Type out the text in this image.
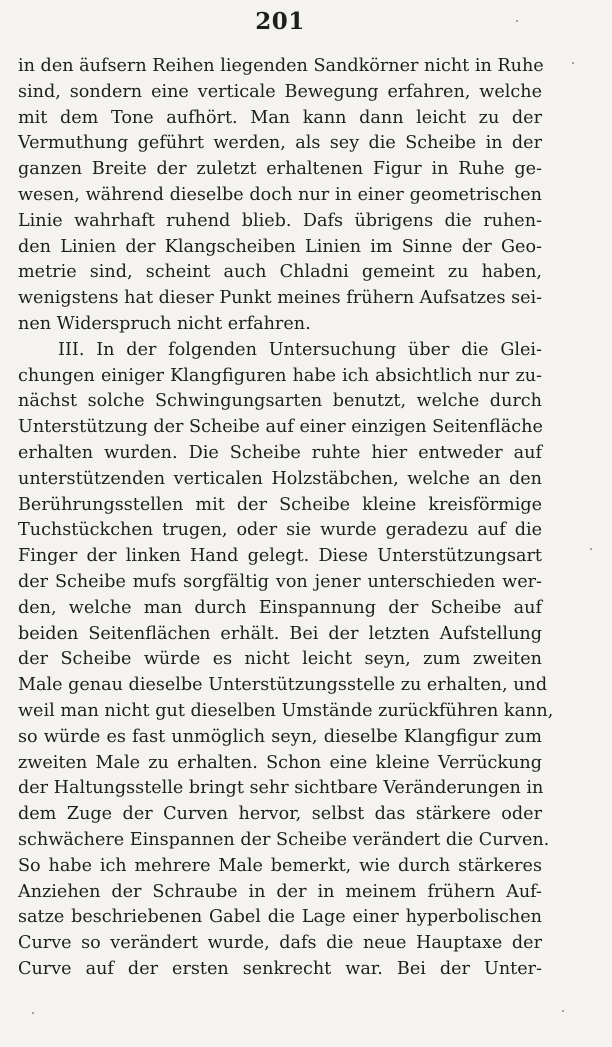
201
in den äufsern Reihen liegenden Sandkörner nicht in Ruhe
sind, sondern eine verticale Bewegung erfahren, welche
mit dem Tone aufhört. Man kann dann leicht zu der
Vermuthung geführt werden, als sey die Scheibe in der
ganzen Breite der zuletzt erhaltenen Figur in Ruhe ge-
wesen, während dieselbe doch nur in einer geometrischen
Linie wahrhaft ruhend blieb. Dafs übrigens die ruhen-
den Linien der Klangscheiben Linien im Sinne der Geo-
metrie sind, scheint auch Chladni gemeint zu haben,
wenigstens hat dieser Punkt meines frühern Aufsatzes sei-
nen Widerspruch nicht erfahren.
III. In der folgenden Untersuchung über die Glei-
chungen einiger Klangfiguren habe ich absichtlich nur zu-
nächst solche Schwingungsarten benutzt, welche durch
Unterstützung der Scheibe auf einer einzigen Seitenfläche
erhalten wurden. Die Scheibe ruhte hier entweder auf
unterstützenden verticalen Holzstäbchen, welche an den
Berührungsstellen mit der Scheibe kleine kreisförmige
Tuchstückchen trugen, oder sie wurde geradezu auf die
Finger der linken Hand gelegt. Diese Unterstützungsart
der Scheibe mufs sorgfältig von jener unterschieden wer-
den, welche man durch Einspannung der Scheibe auf
beiden Seitenflächen erhält. Bei der letzten Aufstellung
der Scheibe würde es nicht leicht seyn, zum zweiten
Male genau dieselbe Unterstützungsstelle zu erhalten, und
weil man nicht gut dieselben Umstände zurückführen kann,
so würde es fast unmöglich seyn, dieselbe Klangfigur zum
zweiten Male zu erhalten. Schon eine kleine Verrückung
der Haltungsstelle bringt sehr sichtbare Veränderungen in
dem Zuge der Curven hervor, selbst das stärkere oder
schwächere Einspannen der Scheibe verändert die Curven.
So habe ich mehrere Male bemerkt, wie durch stärkeres
Anziehen der Schraube in der in meinem frühern Auf-
satze beschriebenen Gabel die Lage einer hyperbolischen
Curve so verändert wurde, dafs die neue Hauptaxe der
Curve auf der ersten senkrecht war. Bei der Unter-
